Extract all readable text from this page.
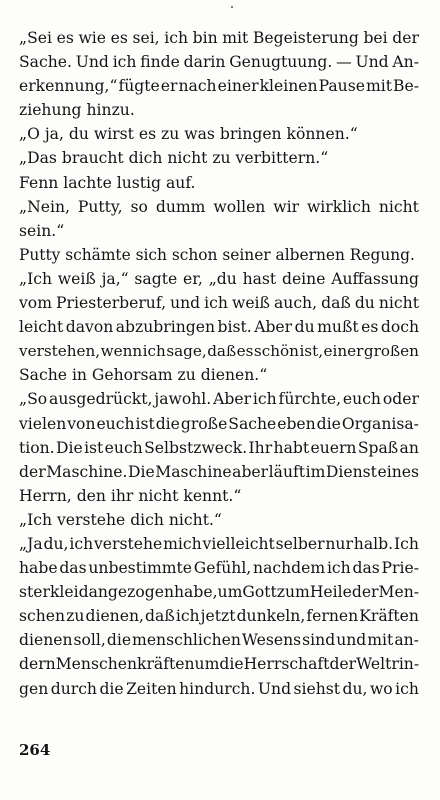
„Sei es wie es sei, ich bin mit Begeisterung bei der
Sache. Und ich finde darin Genugtuung. — Und An-
erkennung,“ fügte er nach einer kleinen Pause mit Be-
ziehung hinzu.
„O ja, du wirst es zu was bringen können.“
„Das braucht dich nicht zu verbittern.“
Fenn lachte lustig auf.
„Nein, Putty, so dumm wollen wir wirklich nicht
sein.“
Putty schämte sich schon seiner albernen Regung.
„Ich weiß ja,“ sagte er, „du hast deine Auffassung
vom Priesterberuf, und ich weiß auch, daß du nicht
leicht davon abzubringen bist. Aber du mußt es doch
verstehen, wenn ich sage, daß es schön ist, einer großen
Sache in Gehorsam zu dienen.“
„So ausgedrückt, jawohl. Aber ich fürchte, euch oder
vielen von euch ist die große Sache eben die Organisa-
tion. Die ist euch Selbstzweck. Ihr habt euern Spaß an
der Maschine. Die Maschine aber läuft im Dienst eines
Herrn, den ihr nicht kennt.“
„Ich verstehe dich nicht.“
„Ja du, ich verstehe mich vielleicht selber nur halb. Ich
habe das unbestimmte Gefühl, nachdem ich das Prie-
sterkleid angezogen habe, um Gott zum Heile der Men-
schen zu dienen, daß ich jetzt dunkeln, fernen Kräften
dienen soll, die menschlichen Wesens sind und mit an-
dern Menschenkräften um die Herrschaft der Welt rin-
gen durch die Zeiten hindurch. Und siehst du, wo ich
264
